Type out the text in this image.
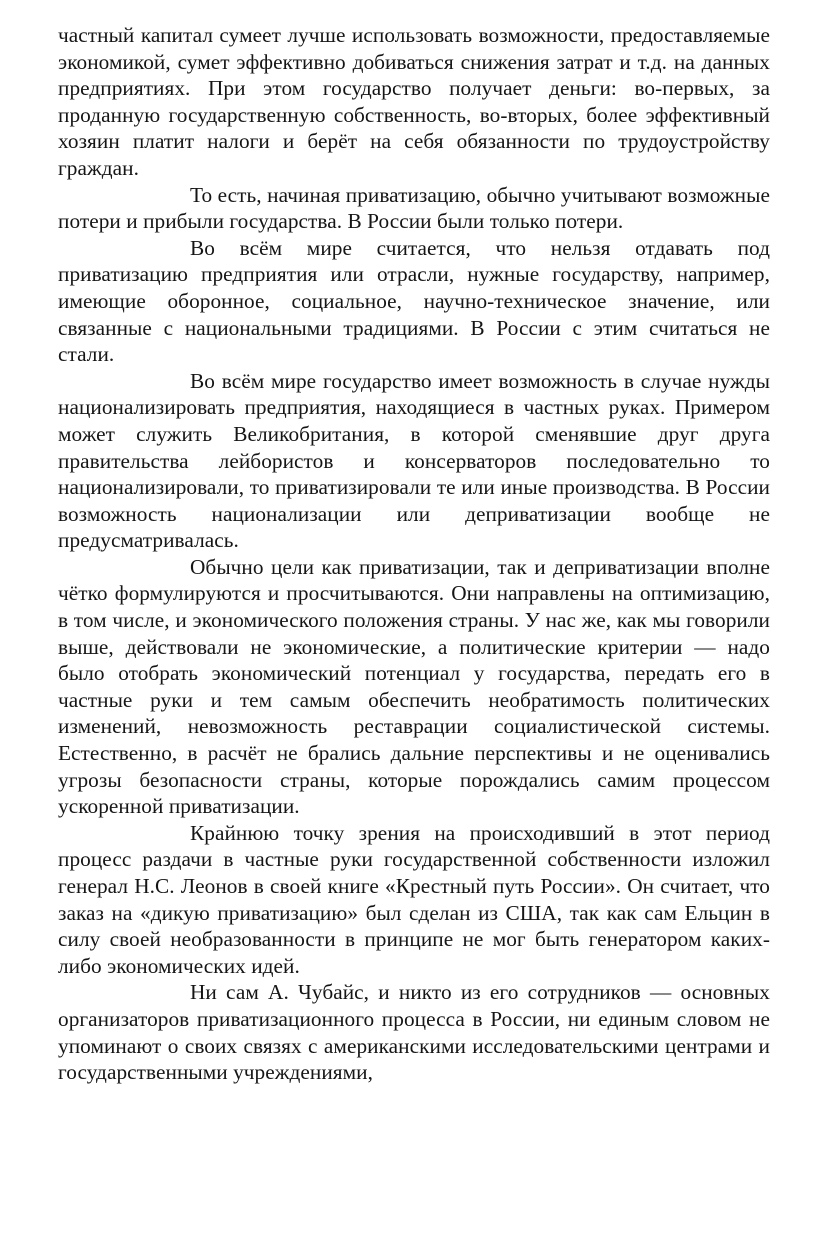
частный капитал сумеет лучше использовать возможности, предоставляемые экономикой, сумет эффективно добиваться снижения затрат и т.д. на данных предприятиях. При этом государство получает деньги: во-первых, за проданную государственную собственность, во-вторых, более эффективный хозяин платит налоги и берёт на себя обязанности по трудоустройству граждан.

То есть, начиная приватизацию, обычно учитывают возможные потери и прибыли государства. В России были только потери.

Во всём мире считается, что нельзя отдавать под приватизацию предприятия или отрасли, нужные государству, например, имеющие оборонное, социальное, научно-техническое значение, или связанные с национальными традициями. В России с этим считаться не стали.

Во всём мире государство имеет возможность в случае нужды национализировать предприятия, находящиеся в частных руках. Примером может служить Великобритания, в которой сменявшие друг друга правительства лейбористов и консерваторов последовательно то национализировали, то приватизировали те или иные производства. В России возможность национализации или деприватизации вообще не предусматривалась.

Обычно цели как приватизации, так и деприватизации вполне чётко формулируются и просчитываются. Они направлены на оптимизацию, в том числе, и экономического положения страны. У нас же, как мы говорили выше, действовали не экономические, а политические критерии — надо было отобрать экономический потенциал у государства, передать его в частные руки и тем самым обеспечить необратимость политических изменений, невозможность реставрации социалистической системы. Естественно, в расчёт не брались дальние перспективы и не оценивались угрозы безопасности страны, которые порождались самим процессом ускоренной приватизации.

Крайнюю точку зрения на происходивший в этот период процесс раздачи в частные руки государственной собственности изложил генерал Н.С. Леонов в своей книге «Крестный путь России». Он считает, что заказ на «дикую приватизацию» был сделан из США, так как сам Ельцин в силу своей необразованности в принципе не мог быть генератором каких-либо экономических идей.

Ни сам А. Чубайс, и никто из его сотрудников — основных организаторов приватизационного процесса в России, ни единым словом не упоминают о своих связях с американскими исследовательскими центрами и государственными учреждениями,
